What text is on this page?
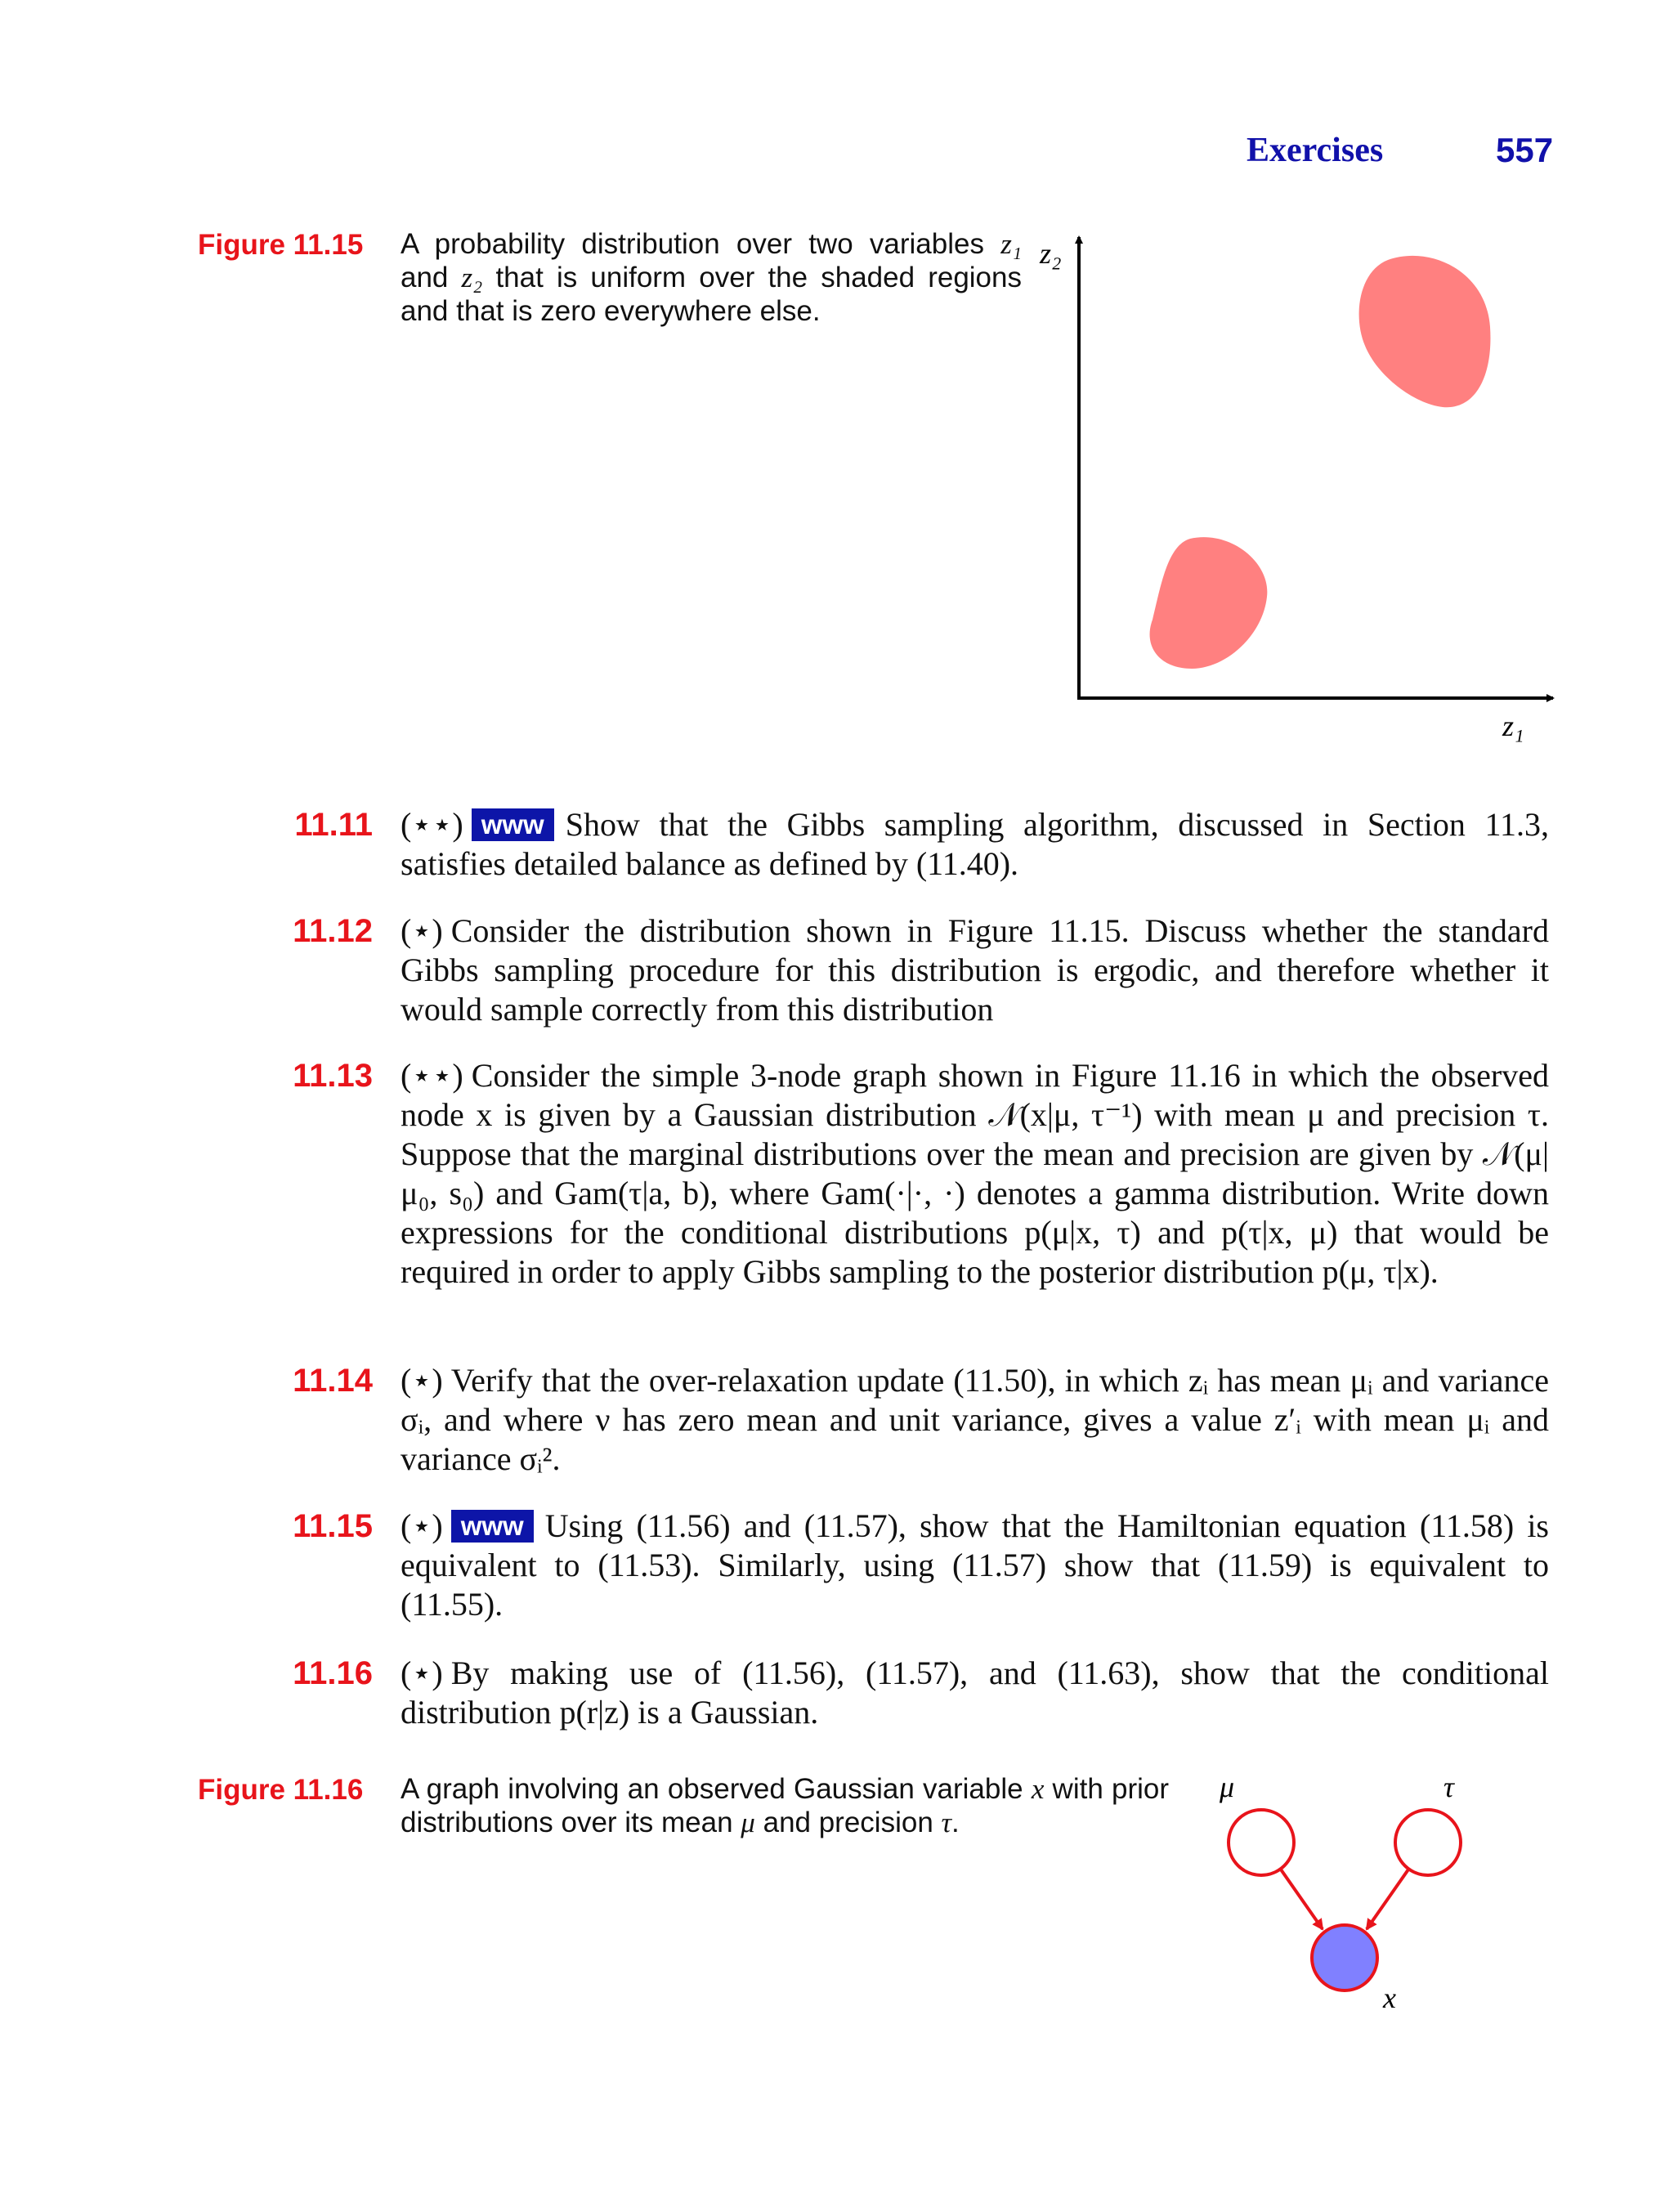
Exercises	557
Figure 11.15 A probability distribution over two variables z₁ and z₂ that is uniform over the shaded regions and that is zero everywhere else.
z₂
z₁
11.11 (⋆⋆) www Show that the Gibbs sampling algorithm, discussed in Section 11.3, satisfies detailed balance as defined by (11.40).
11.12 (⋆) Consider the distribution shown in Figure 11.15. Discuss whether the standard Gibbs sampling procedure for this distribution is ergodic, and therefore whether it would sample correctly from this distribution
11.13 (⋆⋆) Consider the simple 3-node graph shown in Figure 11.16 in which the observed node x is given by a Gaussian distribution 𝒩(x|μ, τ⁻¹) with mean μ and precision τ. Suppose that the marginal distributions over the mean and precision are given by 𝒩(μ|μ₀, s₀) and Gam(τ|a, b), where Gam(·|·, ·) denotes a gamma distribution. Write down expressions for the conditional distributions p(μ|x, τ) and p(τ|x, μ) that would be required in order to apply Gibbs sampling to the posterior distribution p(μ, τ|x).
11.14 (⋆) Verify that the over-relaxation update (11.50), in which zᵢ has mean μᵢ and variance σᵢ, and where ν has zero mean and unit variance, gives a value z′ᵢ with mean μᵢ and variance σᵢ².
11.15 (⋆) www Using (11.56) and (11.57), show that the Hamiltonian equation (11.58) is equivalent to (11.53). Similarly, using (11.57) show that (11.59) is equivalent to (11.55).
11.16 (⋆) By making use of (11.56), (11.57), and (11.63), show that the conditional distribution p(r|z) is a Gaussian.
Figure 11.16 A graph involving an observed Gaussian variable x with prior distributions over its mean μ and precision τ.
μ	τ
x
